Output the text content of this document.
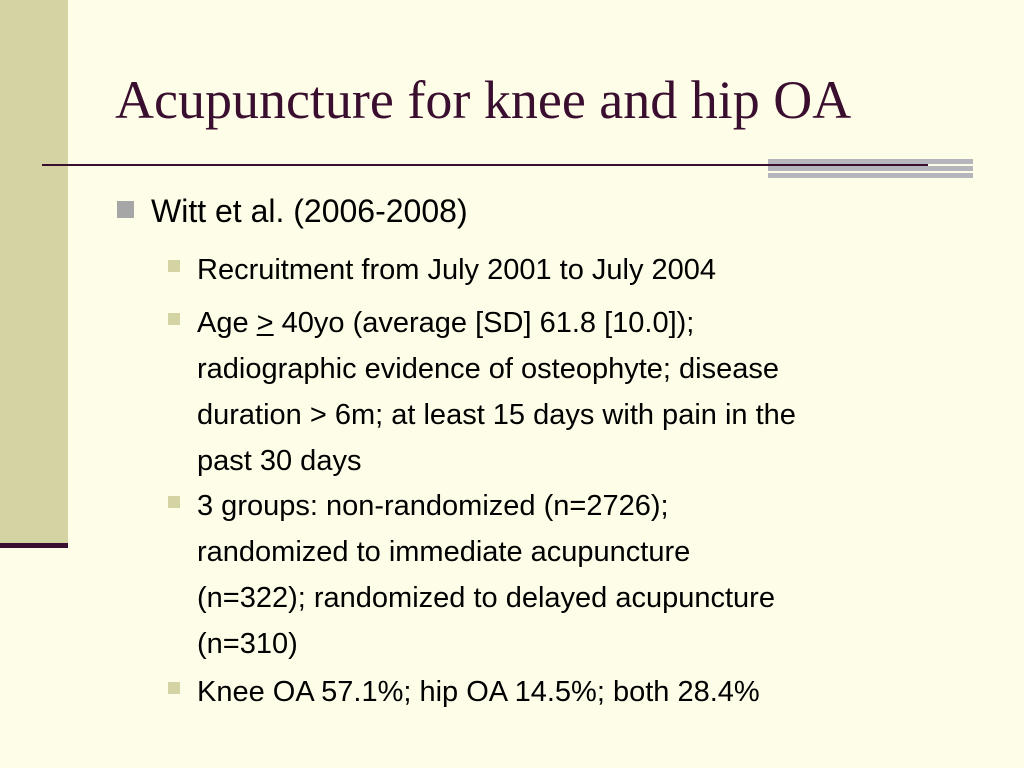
Acupuncture for knee and hip OA
Witt et al. (2006-2008)
Recruitment from July 2001 to July 2004
Age ≥ 40yo (average [SD] 61.8 [10.0]);
radiographic evidence of osteophyte; disease
duration > 6m; at least 15 days with pain in the
past 30 days
3 groups: non-randomized (n=2726);
randomized to immediate acupuncture
(n=322); randomized to delayed acupuncture
(n=310)
Knee OA 57.1%; hip OA 14.5%; both 28.4%
